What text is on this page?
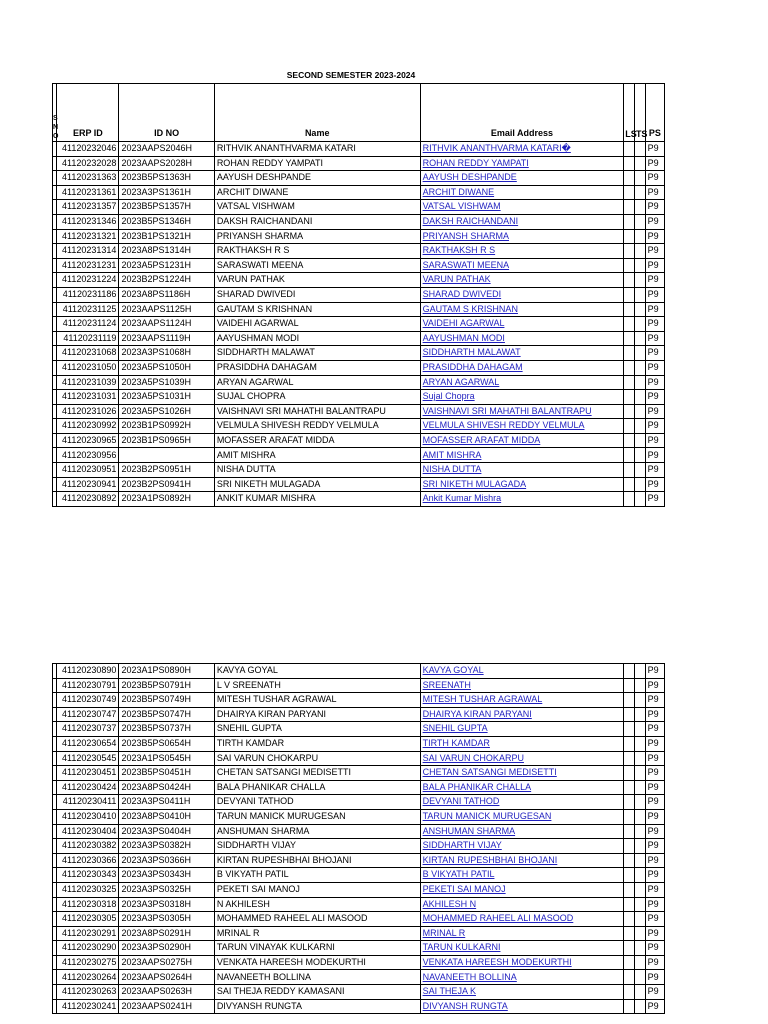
SECOND SEMESTER 2023-2024
S
N
O	ERP ID	ID NO	Name	Email Address	LS	TS	PS
	41120232046	2023AAPS2046H	RITHVIK ANANTHVARMA KATARI	RITHVIK ANANTHVARMA KATARI�			P9
	41120232028	2023AAPS2028H	ROHAN REDDY YAMPATI	ROHAN REDDY YAMPATI			P9
	41120231363	2023B5PS1363H	AAYUSH DESHPANDE	AAYUSH DESHPANDE			P9
	41120231361	2023A3PS1361H	ARCHIT DIWANE	ARCHIT DIWANE			P9
	41120231357	2023B5PS1357H	VATSAL VISHWAM	VATSAL VISHWAM			P9
	41120231346	2023B5PS1346H	DAKSH RAICHANDANI	DAKSH RAICHANDANI			P9
	41120231321	2023B1PS1321H	PRIYANSH SHARMA	PRIYANSH SHARMA			P9
	41120231314	2023A8PS1314H	RAKTHAKSH R S	RAKTHAKSH R S			P9
	41120231231	2023A5PS1231H	SARASWATI MEENA	SARASWATI MEENA			P9
	41120231224	2023B2PS1224H	VARUN PATHAK	VARUN PATHAK			P9
	41120231186	2023A8PS1186H	SHARAD DWIVEDI	SHARAD DWIVEDI			P9
	41120231125	2023AAPS1125H	GAUTAM S KRISHNAN	GAUTAM S KRISHNAN			P9
	41120231124	2023AAPS1124H	VAIDEHI AGARWAL	VAIDEHI AGARWAL			P9
	41120231119	2023AAPS1119H	AAYUSHMAN MODI	AAYUSHMAN MODI			P9
	41120231068	2023A3PS1068H	SIDDHARTH MALAWAT	SIDDHARTH MALAWAT			P9
	41120231050	2023A5PS1050H	PRASIDDHA DAHAGAM	PRASIDDHA DAHAGAM			P9
	41120231039	2023A5PS1039H	ARYAN AGARWAL	ARYAN AGARWAL			P9
	41120231031	2023A5PS1031H	SUJAL CHOPRA	Sujal Chopra			P9
	41120231026	2023A5PS1026H	VAISHNAVI SRI MAHATHI BALANTRAPU	VAISHNAVI SRI MAHATHI BALANTRAPU			P9
	41120230992	2023B1PS0992H	VELMULA SHIVESH REDDY VELMULA	VELMULA SHIVESH REDDY VELMULA			P9
	41120230965	2023B1PS0965H	MOFASSER ARAFAT MIDDA	MOFASSER ARAFAT MIDDA			P9
	41120230956		AMIT MISHRA	AMIT MISHRA			P9
	41120230951	2023B2PS0951H	NISHA DUTTA	NISHA DUTTA			P9
	41120230941	2023B2PS0941H	SRI NIKETH MULAGADA	SRI NIKETH MULAGADA			P9
	41120230892	2023A1PS0892H	ANKIT KUMAR MISHRA	Ankit Kumar Mishra			P9
	41120230890	2023A1PS0890H	KAVYA GOYAL	KAVYA GOYAL			P9
	41120230791	2023B5PS0791H	L V SREENATH	SREENATH			P9
	41120230749	2023B5PS0749H	MITESH TUSHAR AGRAWAL	MITESH TUSHAR AGRAWAL			P9
	41120230747	2023B5PS0747H	DHAIRYA KIRAN PARYANI	DHAIRYA KIRAN PARYANI			P9
	41120230737	2023B5PS0737H	SNEHIL GUPTA	SNEHIL GUPTA			P9
	41120230654	2023B5PS0654H	TIRTH KAMDAR	TIRTH KAMDAR			P9
	41120230545	2023A1PS0545H	SAI VARUN CHOKARPU	SAI VARUN CHOKARPU			P9
	41120230451	2023B5PS0451H	CHETAN SATSANGI MEDISETTI	CHETAN SATSANGI MEDISETTI			P9
	41120230424	2023A8PS0424H	BALA PHANIKAR CHALLA	BALA PHANIKAR CHALLA			P9
	41120230411	2023A3PS0411H	DEVYANI TATHOD	DEVYANI TATHOD			P9
	41120230410	2023A8PS0410H	TARUN MANICK MURUGESAN	TARUN MANICK MURUGESAN			P9
	41120230404	2023A3PS0404H	ANSHUMAN SHARMA	ANSHUMAN SHARMA			P9
	41120230382	2023A3PS0382H	SIDDHARTH VIJAY	SIDDHARTH VIJAY			P9
	41120230366	2023A3PS0366H	KIRTAN RUPESHBHAI BHOJANI	KIRTAN RUPESHBHAI BHOJANI			P9
	41120230343	2023A3PS0343H	B VIKYATH PATIL	B VIKYATH PATIL			P9
	41120230325	2023A3PS0325H	PEKETI SAI MANOJ	PEKETI SAI MANOJ			P9
	41120230318	2023A3PS0318H	N AKHILESH	AKHILESH N			P9
	41120230305	2023A3PS0305H	MOHAMMED RAHEEL ALI MASOOD	MOHAMMED RAHEEL ALI MASOOD			P9
	41120230291	2023A8PS0291H	MRINAL R	MRINAL R			P9
	41120230290	2023A3PS0290H	TARUN VINAYAK KULKARNI	TARUN KULKARNI			P9
	41120230275	2023AAPS0275H	VENKATA HAREESH MODEKURTHI	VENKATA HAREESH MODEKURTHI			P9
	41120230264	2023AAPS0264H	NAVANEETH BOLLINA	NAVANEETH BOLLINA			P9
	41120230263	2023AAPS0263H	SAI THEJA REDDY KAMASANI	SAI THEJA K			P9
	41120230241	2023AAPS0241H	DIVYANSH RUNGTA	DIVYANSH RUNGTA			P9
